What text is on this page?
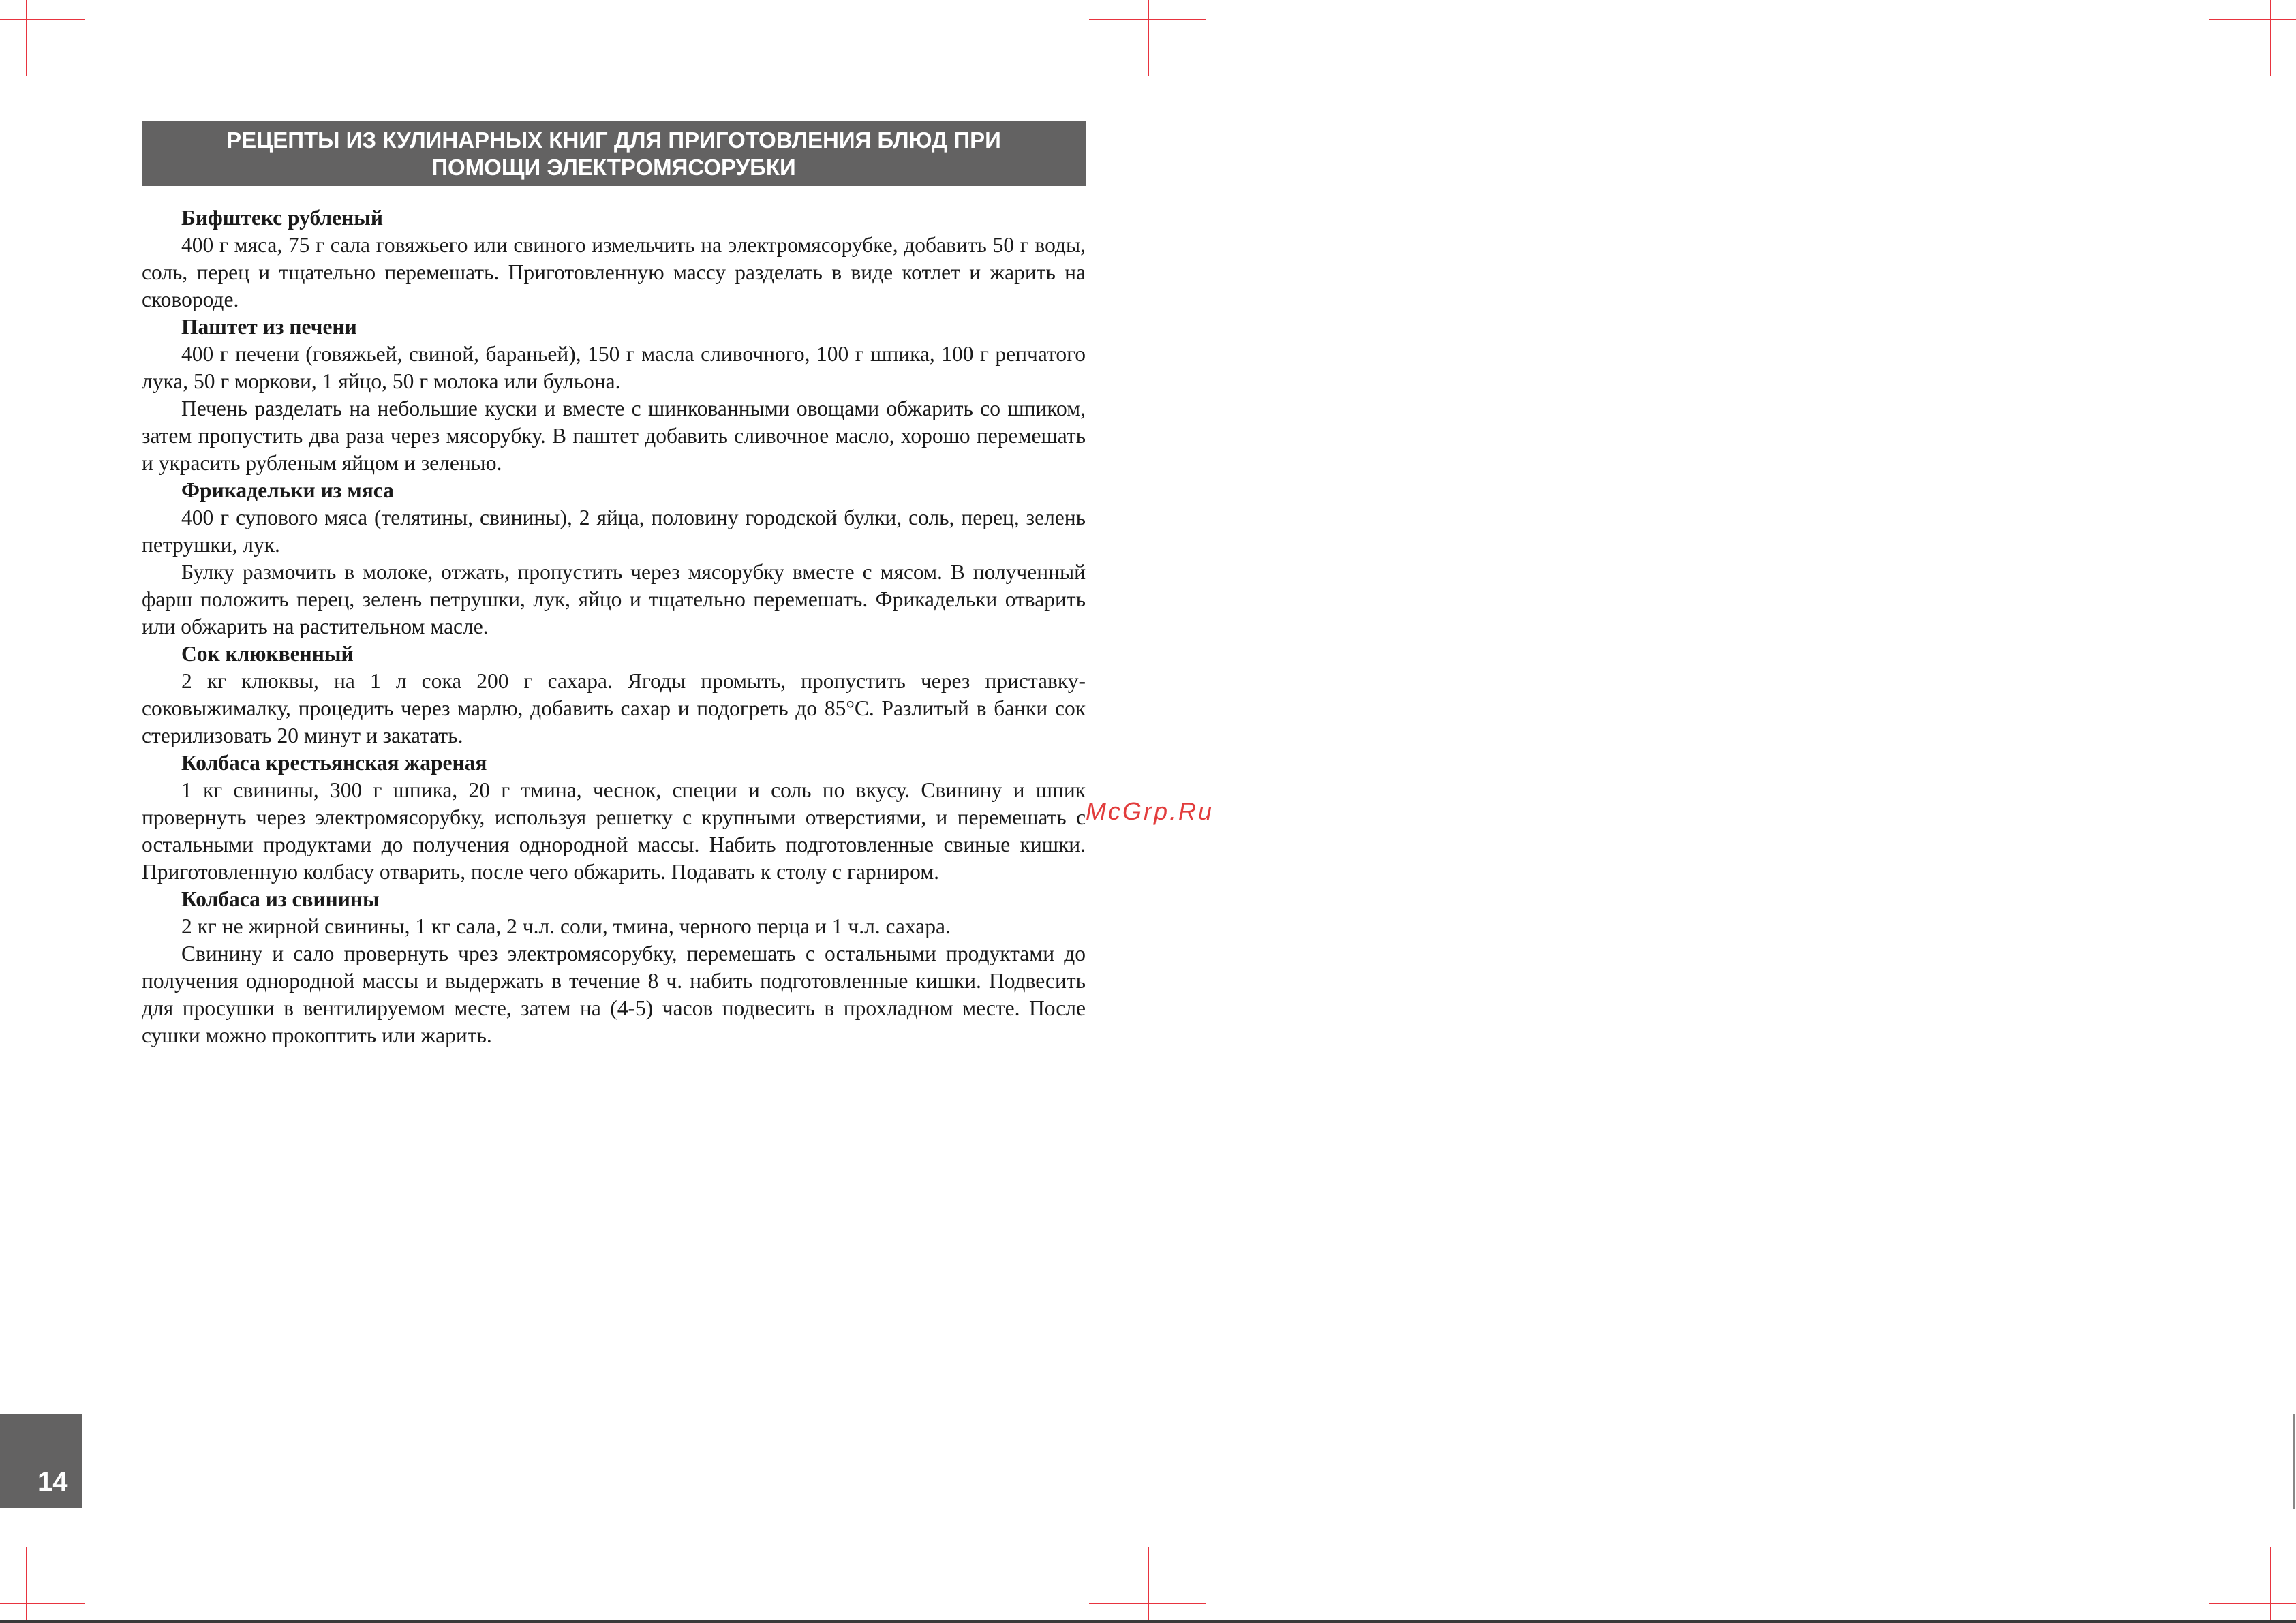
РЕЦЕПТЫ ИЗ КУЛИНАРНЫХ КНИГ ДЛЯ ПРИГОТОВЛЕНИЯ БЛЮД ПРИ
ПОМОЩИ ЭЛЕКТРОМЯСОРУБКИ
Бифштекс рубленый

400 г мяса, 75 г сала говяжьего или свиного измельчить на электромясорубке, добавить 50 г воды, соль, перец и тщательно перемешать. Приготовленную массу разделать в виде котлет и жарить на сковороде.

Паштет из печени

400 г печени (говяжьей, свиной, бараньей), 150 г масла сливочного, 100 г шпика, 100 г репчатого лука, 50 г моркови, 1 яйцо, 50 г молока или бульона.

Печень разделать на небольшие куски и вместе с шинкованными овощами обжарить со шпиком, затем пропустить два раза через мясорубку. В паштет добавить сливочное масло, хорошо перемешать и украсить рубленым яйцом и зеленью.

Фрикадельки из мяса

400 г супового мяса (телятины, свинины), 2 яйца, половину городской булки, соль, перец, зелень петрушки, лук.

Булку размочить в молоке, отжать, пропустить через мясорубку вместе с мясом. В полученный фарш положить перец, зелень петрушки, лук, яйцо и тщательно перемешать. Фрикадельки отварить или обжарить на растительном масле.

Сок клюквенный

2 кг клюквы, на 1 л сока 200 г сахара. Ягоды промыть, пропустить через приставку-соковыжималку, процедить через марлю, добавить сахар и подогреть до 85°С. Разлитый в банки сок стерилизовать 20 минут и закатать.

Колбаса крестьянская жареная

1 кг свинины, 300 г шпика, 20 г тмина, чеснок, специи и соль по вкусу. Свинину и шпик провернуть через электромясорубку, используя решетку с крупными отверстиями, и перемешать с остальными продуктами до получения однородной массы. Набить подготовленные свиные кишки. Приготовленную колбасу отварить, после чего обжарить. Подавать к столу с гарниром.

Колбаса из свинины

2 кг не жирной свинины, 1 кг сала, 2 ч.л. соли, тмина, черного перца и 1 ч.л. сахара.

Свинину и сало провернуть чрез электромясорубку, перемешать с остальными продуктами до получения однородной массы и выдержать в течение 8 ч. набить подготовленные кишки. Подвесить для просушки в вентилируемом месте, затем на (4-5) часов подвесить в прохладном месте. После сушки можно прокоптить или жарить.

McGrp.Ru
14
